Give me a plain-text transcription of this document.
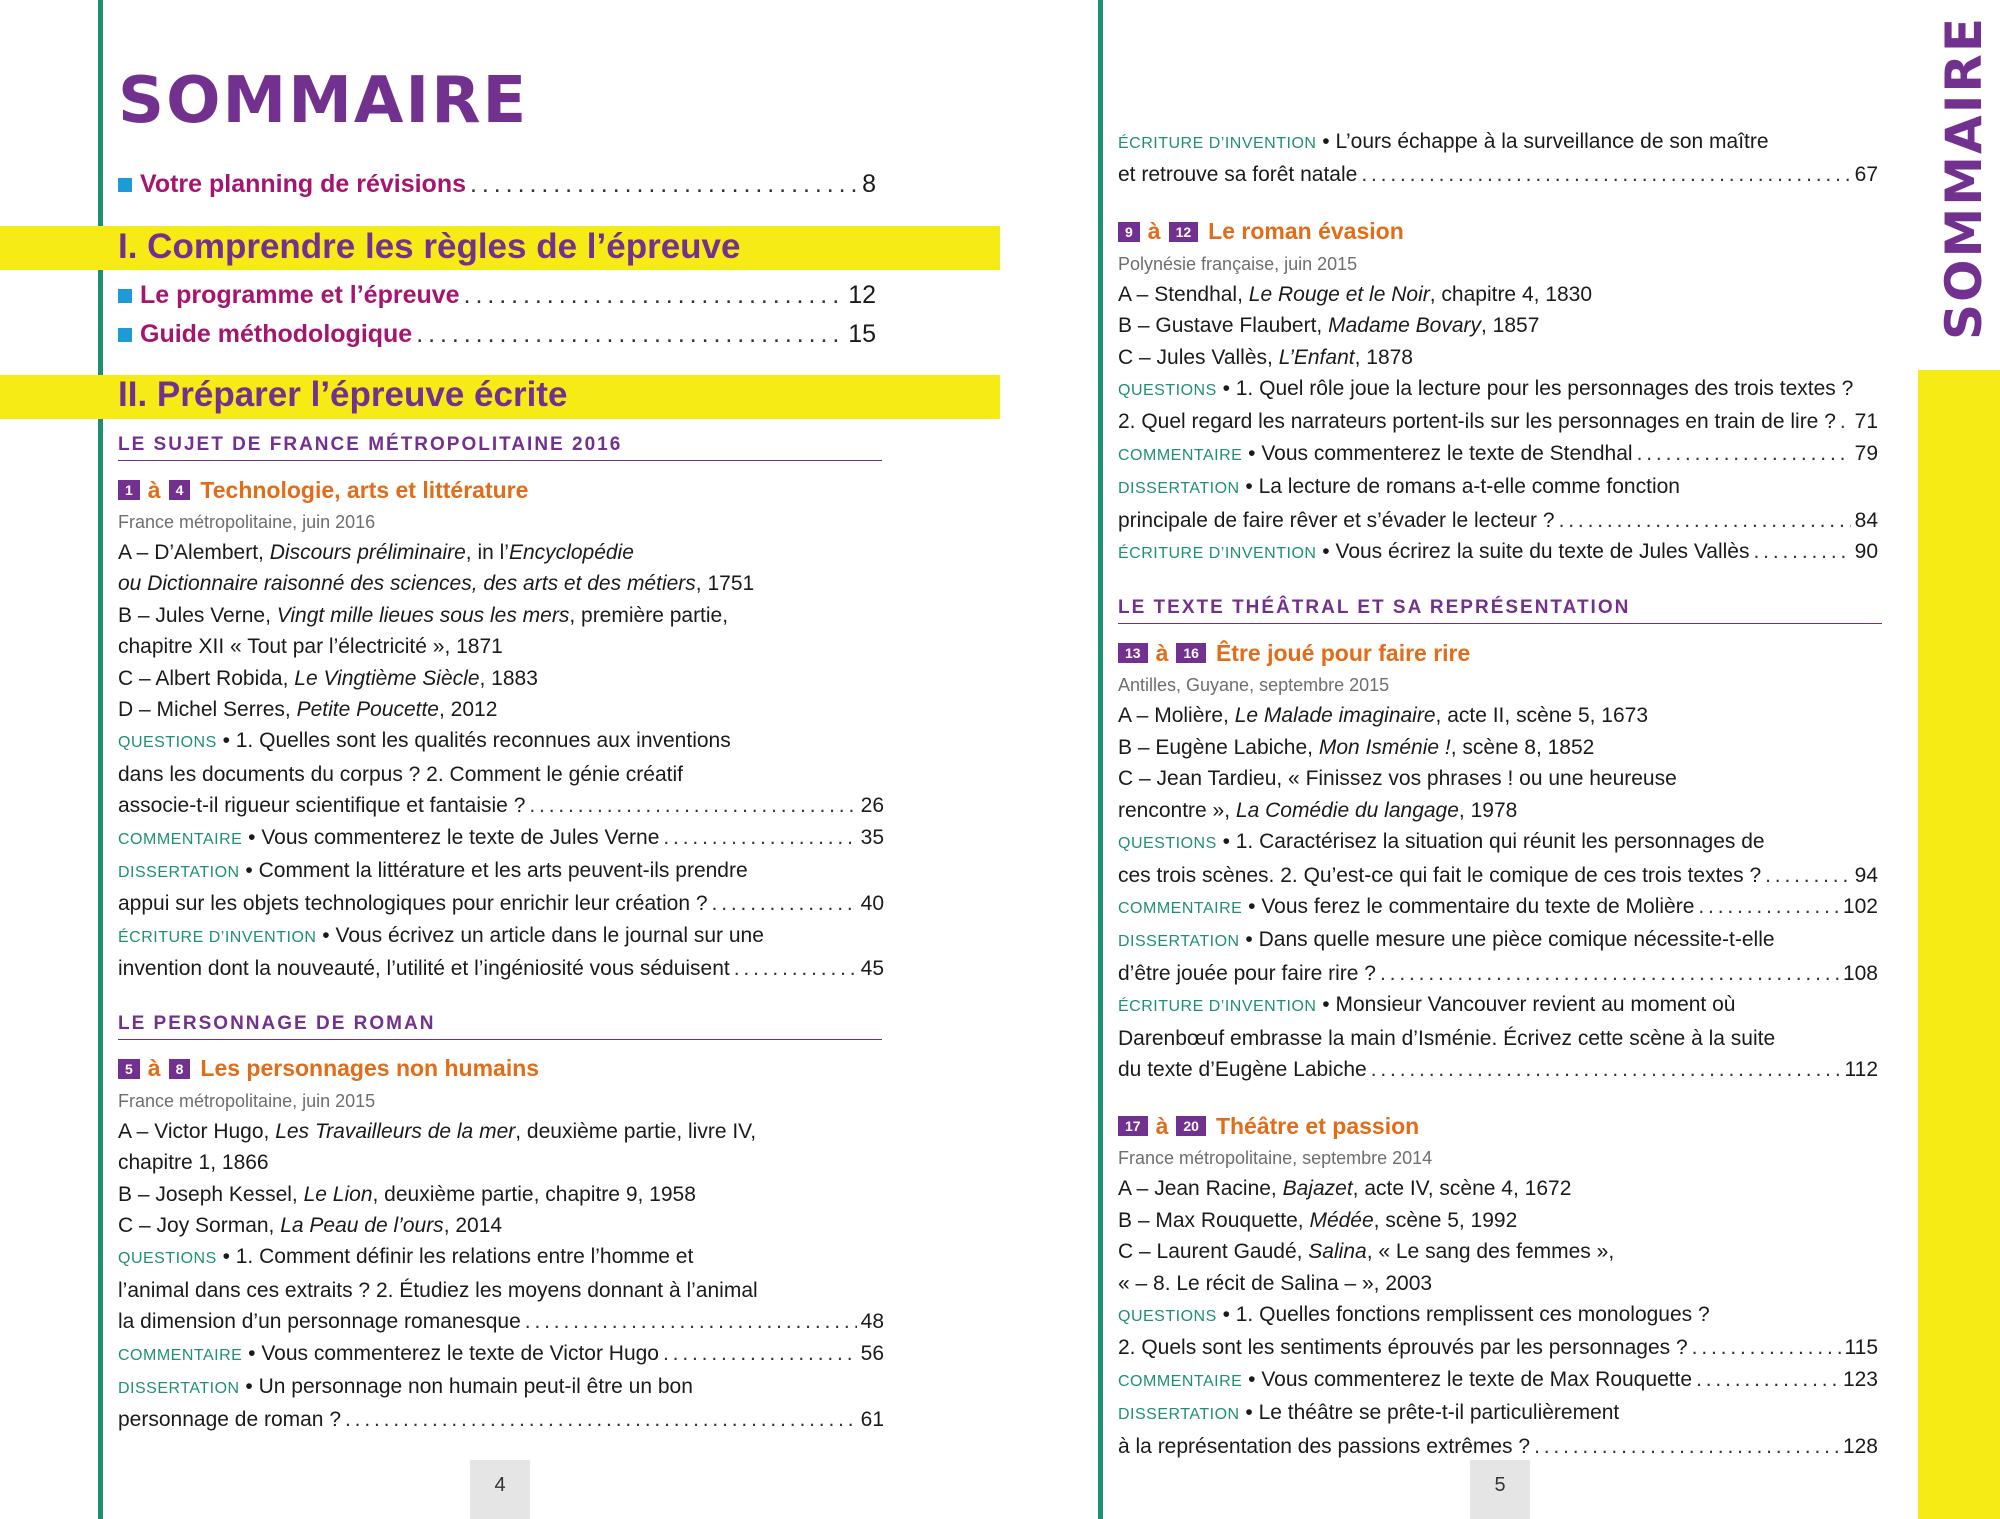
SOMMAIRE
SOMMAIRE
Votre planning de révisions . . .	8
I. Comprendre les règles de l’épreuve
Le programme et l’épreuve . . .	12
Guide méthodologique . . .	15
II. Préparer l’épreuve écrite
LE SUJET DE FRANCE MÉTROPOLITAINE 2016
1 à	4 Technologie, arts et littérature
France métropolitaine, juin 2016
A – D’Alembert, Discours préliminaire, in l’Encyclopédie
ou Dictionnaire raisonné des sciences, des arts et des métiers, 1751
B – Jules Verne, Vingt mille lieues sous les mers, première partie,
chapitre XII « Tout par l’électricité », 1871
C – Albert Robida, Le Vingtième Siècle, 1883
D – Michel Serres, Petite Poucette, 2012
QUESTIONS • 1. Quelles sont les qualités reconnues aux inventions
dans les documents du corpus ? 2. Comment le génie créatif
associe-t-il rigueur scientifique et fantaisie ? . . .	26
COMMENTAIRE • Vous commenterez le texte de Jules Verne . . .	35
DISSERTATION • Comment la littérature et les arts peuvent-ils prendre
appui sur les objets technologiques pour enrichir leur création ? . . .	40
ÉCRITURE D’INVENTION • Vous écrivez un article dans le journal sur une
invention dont la nouveauté, l’utilité et l’ingéniosité vous séduisent . . .	45
LE PERSONNAGE DE ROMAN
5 à	8 Les personnages non humains
France métropolitaine, juin 2015
A – Victor Hugo, Les Travailleurs de la mer, deuxième partie, livre IV,
chapitre 1, 1866
B – Joseph Kessel, Le Lion, deuxième partie, chapitre 9, 1958
C – Joy Sorman, La Peau de l’ours, 2014
QUESTIONS • 1. Comment définir les relations entre l’homme et
l’animal dans ces extraits ? 2. Étudiez les moyens donnant à l’animal
la dimension d’un personnage romanesque . . .	48
COMMENTAIRE • Vous commenterez le texte de Victor Hugo . . .	56
DISSERTATION • Un personnage non humain peut-il être un bon
personnage de roman ? . . .	61
ÉCRITURE D’INVENTION • L’ours échappe à la surveillance de son maître
et retrouve sa forêt natale . . .	67
9 à	12 Le roman évasion
Polynésie française, juin 2015
A – Stendhal, Le Rouge et le Noir, chapitre 4, 1830
B – Gustave Flaubert, Madame Bovary, 1857
C – Jules Vallès, L’Enfant, 1878
QUESTIONS • 1. Quel rôle joue la lecture pour les personnages des trois textes ?
2. Quel regard les narrateurs portent-ils sur les personnages en train de lire ? . . . 71
COMMENTAIRE • Vous commenterez le texte de Stendhal . . .	79
DISSERTATION • La lecture de romans a-t-elle comme fonction
principale de faire rêver et s’évader le lecteur ? . . .	84
ÉCRITURE D’INVENTION • Vous écrirez la suite du texte de Jules Vallès . . .	90
LE TEXTE THÉÂTRAL ET SA REPRÉSENTATION
13 à	16 Être joué pour faire rire
Antilles, Guyane, septembre 2015
A – Molière, Le Malade imaginaire, acte II, scène 5, 1673
B – Eugène Labiche, Mon Isménie !, scène 8, 1852
C – Jean Tardieu, « Finissez vos phrases ! ou une heureuse
rencontre », La Comédie du langage, 1978
QUESTIONS • 1. Caractérisez la situation qui réunit les personnages de
ces trois scènes. 2. Qu’est-ce qui fait le comique de ces trois textes ? . . .	94
COMMENTAIRE • Vous ferez le commentaire du texte de Molière . . .	102
DISSERTATION • Dans quelle mesure une pièce comique nécessite-t-elle
d’être jouée pour faire rire ? . . .	108
ÉCRITURE D’INVENTION • Monsieur Vancouver revient au moment où
Darenbœuf embrasse la main d’Isménie. Écrivez cette scène à la suite
du texte d’Eugène Labiche . . .	112
17 à	20 Théâtre et passion
France métropolitaine, septembre 2014
A – Jean Racine, Bajazet, acte IV, scène 4, 1672
B – Max Rouquette, Médée, scène 5, 1992
C – Laurent Gaudé, Salina, « Le sang des femmes »,
« – 8. Le récit de Salina – », 2003
QUESTIONS • 1. Quelles fonctions remplissent ces monologues ?
2. Quels sont les sentiments éprouvés par les personnages ? . . .	115
COMMENTAIRE • Vous commenterez le texte de Max Rouquette . . .	123
DISSERTATION • Le théâtre se prête-t-il particulièrement
à la représentation des passions extrêmes ? . . .	128
4	5
